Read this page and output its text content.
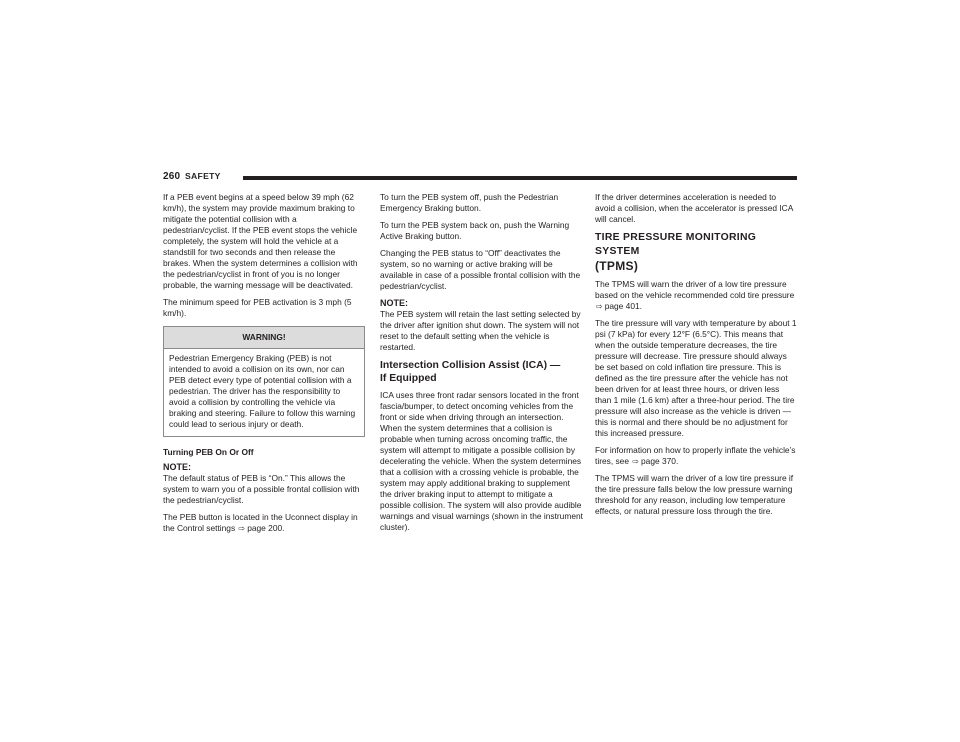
260 SAFETY

If a PEB event begins at a speed below 39 mph (62 km/h), the system may provide maximum braking to mitigate the potential collision with a pedestrian/cyclist. If the PEB event stops the vehicle completely, the system will hold the vehicle at a standstill for two seconds and then release the brakes. When the system determines a collision with the pedestrian/cyclist in front of you is no longer probable, the warning message will be deactivated.

The minimum speed for PEB activation is 3 mph (5 km/h).

WARNING!
Pedestrian Emergency Braking (PEB) is not intended to avoid a collision on its own, nor can PEB detect every type of potential collision with a pedestrian. The driver has the responsibility to avoid a collision by controlling the vehicle via braking and steering. Failure to follow this warning could lead to serious injury or death.

Turning PEB On Or Off

NOTE:

The default status of PEB is “On.” This allows the system to warn you of a possible frontal collision with the pedestrian/cyclist.

The PEB button is located in the Uconnect display in the Control settings ⇨ page 200.

To turn the PEB system off, push the Pedestrian Emergency Braking button.

To turn the PEB system back on, push the Warning Active Braking button.

Changing the PEB status to “Off” deactivates the system, so no warning or active braking will be available in case of a possible frontal collision with the pedestrian/cyclist.

NOTE:

The PEB system will retain the last setting selected by the driver after ignition shut down. The system will not reset to the default setting when the vehicle is restarted.

Intersection Collision Assist (ICA) —
If Equipped

ICA uses three front radar sensors located in the front fascia/bumper, to detect oncoming vehicles from the front or side when driving through an intersection. When the system determines that a collision is probable when turning across oncoming traffic, the system will attempt to mitigate a possible collision by decelerating the vehicle. When the system determines that a collision with a crossing vehicle is probable, the system may apply additional braking to supplement the driver braking input to attempt to mitigate a possible collision. The system will also provide audible warnings and visual warnings (shown in the instrument cluster).

If the driver determines acceleration is needed to avoid a collision, when the accelerator is pressed ICA will cancel.

TIRE PRESSURE MONITORING SYSTEM
(TPMS)

The TPMS will warn the driver of a low tire pressure based on the vehicle recommended cold tire pressure ⇨ page 401.

The tire pressure will vary with temperature by about 1 psi (7 kPa) for every 12°F (6.5°C). This means that when the outside temperature decreases, the tire pressure will decrease. Tire pressure should always be set based on cold inflation tire pressure. This is defined as the tire pressure after the vehicle has not been driven for at least three hours, or driven less than 1 mile (1.6 km) after a three-hour period. The tire pressure will also increase as the vehicle is driven — this is normal and there should be no adjustment for this increased pressure.

For information on how to properly inflate the vehicle’s tires, see ⇨ page 370.

The TPMS will warn the driver of a low tire pressure if the tire pressure falls below the low pressure warning threshold for any reason, including low temperature effects, or natural pressure loss through the tire.
